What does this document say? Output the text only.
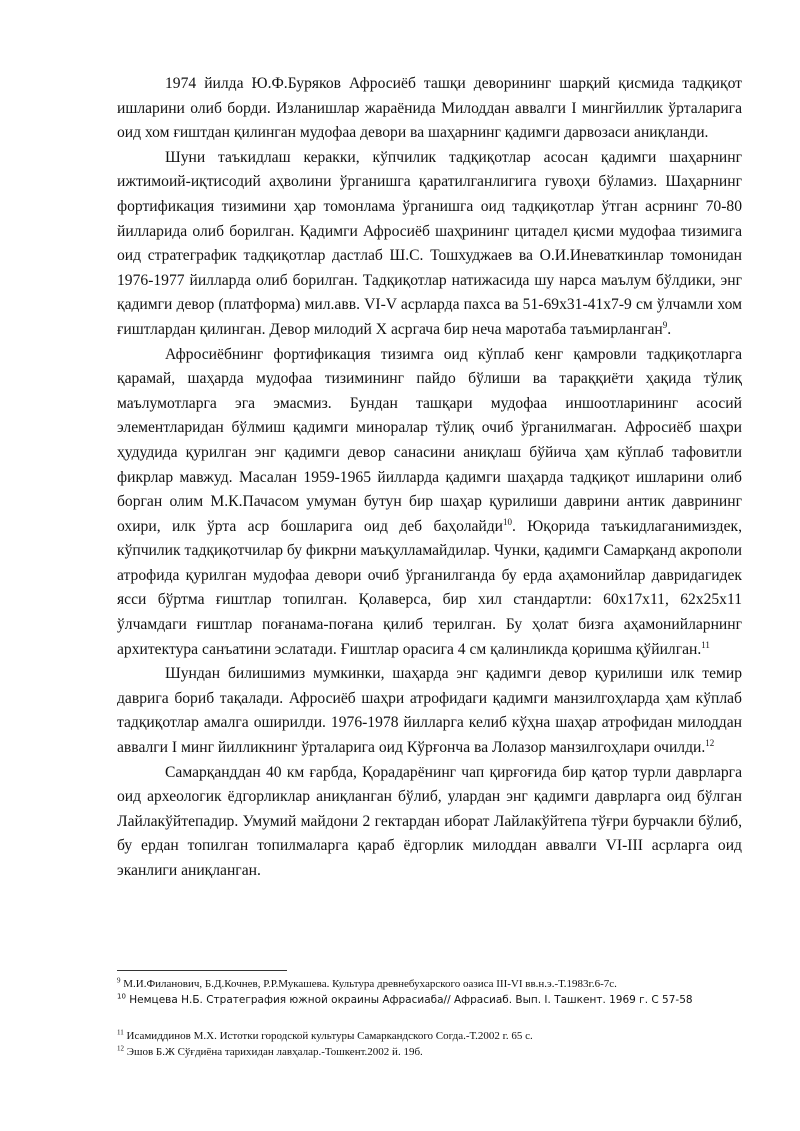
1974 йилда Ю.Ф.Буряков Афросиёб ташқи деворининг шарқий қисмида тадқиқот ишларини олиб борди. Изланишлар жараёнида Милоддан аввалги I мингйиллик ўрталарига оид хом ғиштдан қилинган мудофаа девори ва шаҳарнинг қадимги дарвозаси аниқланди.

Шуни таъкидлаш керакки, кўпчилик тадқиқотлар асосан қадимги шаҳарнинг ижтимоий-иқтисодий аҳволини ўрганишга қаратилганлигига гувоҳи бўламиз. Шаҳарнинг фортификация тизимини ҳар томонлама ўрганишга оид тадқиқотлар ўтган асрнинг 70-80 йилларида олиб борилган. Қадимги Афросиёб шаҳрининг цитадел қисми мудофаа тизимига оид стратегрaфик тадқиқотлар дастлаб Ш.С. Тошхуджаев ва О.И.Иневаткинлар томонидан 1976-1977 йилларда олиб борилган. Тадқиқотлар натижасида шу нарса маълум бўлдики, энг қадимги девор (платформа) мил.авв. VI-V асрларда пахса ва 51-69х31-41х7-9 см ўлчамли хом ғиштлардан қилинган. Девор милодий X асргача бир неча маротаба таъмирланган$^9$.

Афросиёбнинг фортификация тизимга оид кўплаб кенг қамровли тадқиқотларга қарамай, шаҳарда мудофаа тизимининг пайдо бўлиши ва тараққиёти ҳақида тўлиқ маълумотларга эга эмасмиз. Бундан ташқари мудофаа иншоотларининг асосий элементларидан бўлмиш қадимги миноралар тўлиқ очиб ўрганилмаган. Афросиёб шаҳри ҳудудида қурилган энг қадимги девор санасини аниқлаш бўйича ҳам кўплаб тафовитли фикрлар мавжуд. Масалан 1959-1965 йилларда қадимги шаҳарда тадқиқот ишларини олиб борган олим М.К.Пачасом умуман бутун бир шаҳар қурилиши даврини антик даврининг охири, илк ўрта аср бошларига оид деб баҳолайди$^{10}$. Юқорида таъкидлаганимиздек, кўпчилик тадқиқотчилар бу фикрни маъқулламайдилар. Чунки, қадимги Самарқанд акрополи атрофида қурилган мудофаа девори очиб ўрганилганда бу ерда аҳамонийлар давридагидек ясси бўртма ғиштлар топилган. Қолаверса, бир хил стандартли: 60x17x11, 62x25x11 ўлчамдаги ғиштлар поғанама-поғана қилиб терилган. Бу ҳолат бизга аҳамонийларнинг архитектура санъатини эслатади. Ғиштлар орасига 4 см қалинликда қоришма қўйилган.$^{11}$

Шундан билишимиз мумкинки, шаҳарда энг қадимги девор қурилиши илк темир даврига бориб тақалади. Афросиёб шаҳри атрофидаги қадимги манзилгоҳларда ҳам кўплаб тадқиқотлар амалга оширилди. 1976-1978 йилларга келиб кўҳна шаҳар атрофидан милоддан аввалги I минг йилликнинг ўрталарига оид Кўрғонча ва Лолазор манзилгоҳлари очилди.$^{12}$

Самарқанддан 40 км ғарбда, Қорадарёнинг чап қирғоғида бир қатор турли даврларга оид археологик ёдгорликлар аниқланган бўлиб, улардан энг қадимги даврларга оид бўлган Лайлакўйтепадир. Умумий майдони 2 гектардан иборат Лайлакўйтепа тўғри бурчакли бўлиб, бу ердан топилган топилмаларга қараб ёдгорлик милоддан аввалги VI-III асрларга оид эканлиги аниқланган.

$^9$ М.И.Филанович, Б.Д.Кочнев, Р.Р.Мукашева. Культура древнебухарского оазиса III-VI вв.н.э.-Т.1983г.6-7с.

$^{10}$ Немцева Н.Б. Стратеграфия южной окраины Афрасиаба// Афрасиаб. Вып. I. Ташкент. 1969 г. С 57-58

$^{11}$ Исамиддинов М.Х. Истотки городской культуры Самаркандского Согда.-Т.2002 г. 65 с.

$^{12}$ Эшов Б.Ж Сўғдиёна тарихидан лавҳалар.-Тошкент.2002 й. 19б.
